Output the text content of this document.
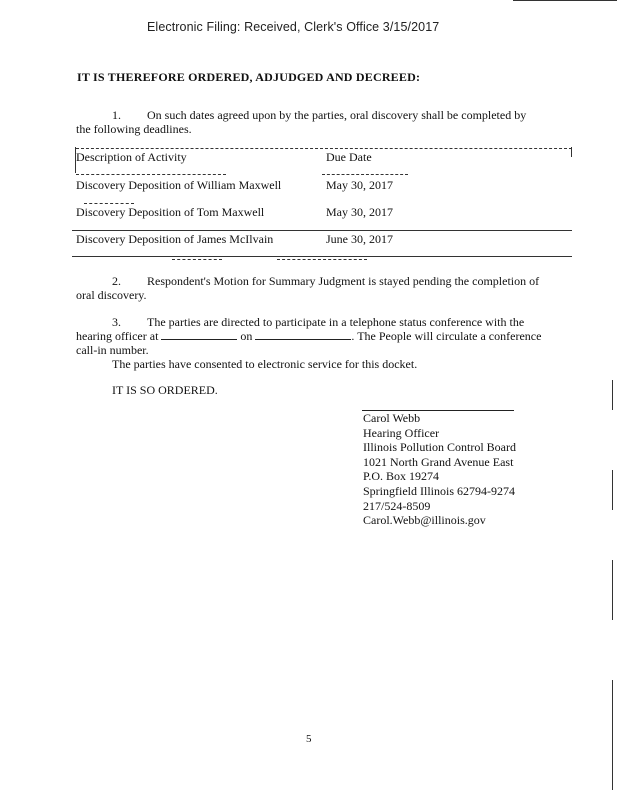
Electronic Filing: Received, Clerk's Office 3/15/2017
IT IS THEREFORE ORDERED, ADJUDGED AND DECREED:
1. On such dates agreed upon by the parties, oral discovery shall be completed by
the following deadlines.
Description of Activity	Due Date
Discovery Deposition of William Maxwell	May 30, 2017
Discovery Deposition of Tom Maxwell	May 30, 2017
Discovery Deposition of James McIlvain	June 30, 2017
2. Respondent's Motion for Summary Judgment is stayed pending the completion of
oral discovery.
3. The parties are directed to participate in a telephone status conference with the
hearing officer at	on	. The People will circulate a conference
call-in number.
The parties have consented to electronic service for this docket.
IT IS SO ORDERED.
Carol Webb
Hearing Officer
Illinois Pollution Control Board
1021 North Grand Avenue East
P.O. Box 19274
Springfield Illinois 62794-9274
217/524-8509
Carol.Webb@illinois.gov
5
